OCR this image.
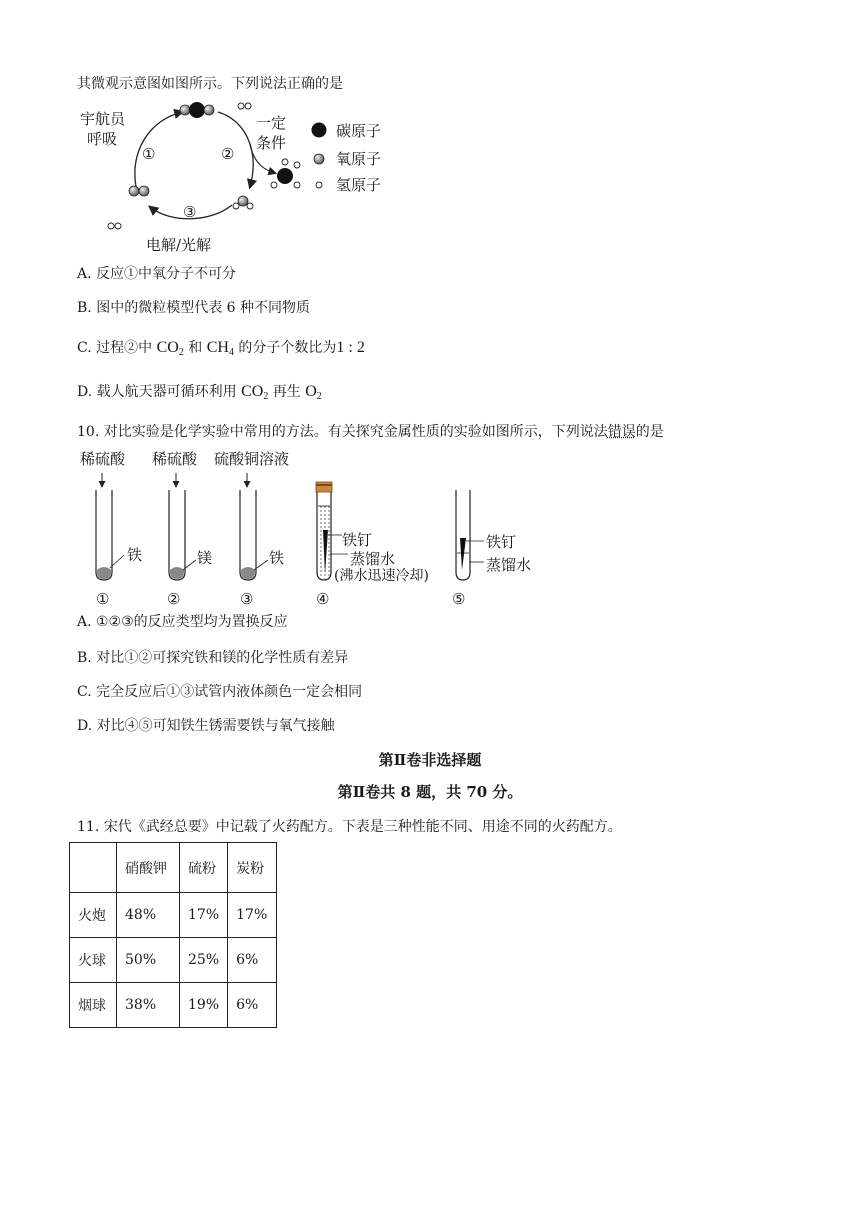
其微观示意图如图所示。下列说法正确的是
宇航员
呼吸
一定
条件
①	②
③
电解/光解
碳原子
氧原子
氢原子
A. 反应①中氧分子不可分
B. 图中的微粒模型代表 6 种不同物质
C. 过程②中 $CO_2$ 和 $CH_4$ 的分子个数比为1 : 2
D. 载人航天器可循环利用 $CO_2$ 再生 $O_2$
10. 对比实验是化学实验中常用的方法。有关探究金属性质的实验如图所示，下列说法错误的是
稀硫酸 稀硫酸 硫酸铜溶液
铁	镁	铁
铁钉
蒸馏水
(沸水迅速冷却)
铁钉
蒸馏水
①	②	③	④	⑤
A. ①②③的反应类型均为置换反应
B. 对比①②可探究铁和镁的化学性质有差异
C. 完全反应后①③试管内液体颜色一定会相同
D. 对比④⑤可知铁生锈需要铁与氧气接触
第Ⅱ卷非选择题
第Ⅱ卷共 8 题，共 70 分。
11. 宋代《武经总要》中记载了火药配方。下表是三种性能不同、用途不同的火药配方。
	硝酸钾	硫粉	炭粉
火炮	48%	17%	17%
火球	50%	25%	6%
烟球	38%	19%	6%
